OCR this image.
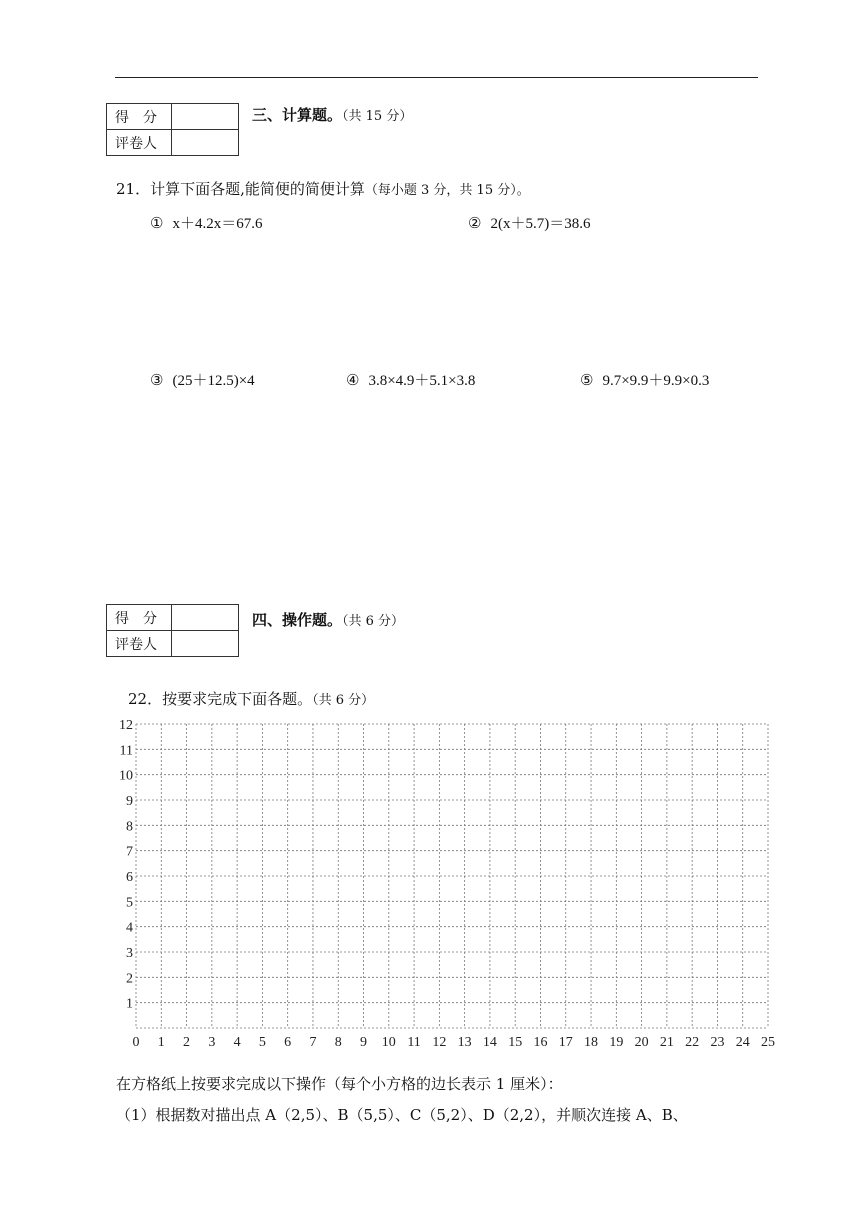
得　分	
评卷人	
三、计算题。（共 15 分）
21．计算下面各题,能简便的简便计算（每小题 3 分，共 15 分）。
① x＋4.2x＝67.6	② 2(x＋5.7)＝38.6
③ (25＋12.5)×4	④ 3.8×4.9＋5.1×3.8	⑤ 9.7×9.9＋9.9×0.3
得　分	
评卷人	
四、操作题。（共 6 分）
22．按要求完成下面各题。（共 6 分）
1
2
3
4
5
6
7
8
9
10
11
12
0 1 2 3 4 5 6 7 8 9 10 11 12 13 14 15 16 17 18 19 20 21 22 23 24 25
在方格纸上按要求完成以下操作（每个小方格的边长表示 1 厘米）：
（1）根据数对描出点 A（2,5）、B（5,5）、C（5,2）、D（2,2），并顺次连接 A、B、
